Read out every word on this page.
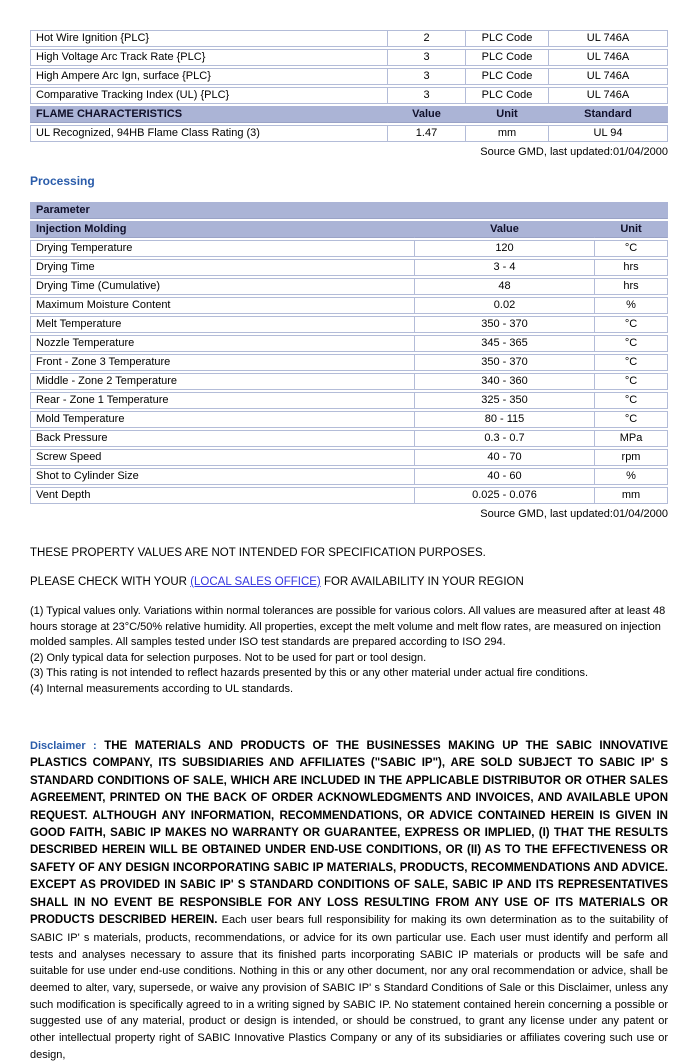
Hot Wire Ignition {PLC}	2	PLC Code	UL 746A
High Voltage Arc Track Rate {PLC}	3	PLC Code	UL 746A
High Ampere Arc Ign, surface {PLC}	3	PLC Code	UL 746A
Comparative Tracking Index (UL) {PLC}	3	PLC Code	UL 746A
FLAME CHARACTERISTICS	Value	Unit	Standard
UL Recognized, 94HB Flame Class Rating (3)	1.47	mm	UL 94
Source GMD, last updated:01/04/2000
Processing
Parameter		
Injection Molding	Value	Unit
Drying Temperature	120	°C
Drying Time	3 - 4	hrs
Drying Time (Cumulative)	48	hrs
Maximum Moisture Content	0.02	%
Melt Temperature	350 - 370	°C
Nozzle Temperature	345 - 365	°C
Front - Zone 3 Temperature	350 - 370	°C
Middle - Zone 2 Temperature	340 - 360	°C
Rear - Zone 1 Temperature	325 - 350	°C
Mold Temperature	80 - 115	°C
Back Pressure	0.3 - 0.7	MPa
Screw Speed	40 - 70	rpm
Shot to Cylinder Size	40 - 60	%
Vent Depth	0.025 - 0.076	mm
Source GMD, last updated:01/04/2000

THESE PROPERTY VALUES ARE NOT INTENDED FOR SPECIFICATION PURPOSES.

PLEASE CHECK WITH YOUR (LOCAL SALES OFFICE) FOR AVAILABILITY IN YOUR REGION

(1) Typical values only. Variations within normal tolerances are possible for various colors. All values are measured after at least 48 hours storage at 23°C/50% relative humidity. All properties, except the melt volume and melt flow rates, are measured on injection molded samples. All samples tested under ISO test standards are prepared according to ISO 294.

(2) Only typical data for selection purposes. Not to be used for part or tool design.

(3) This rating is not intended to reflect hazards presented by this or any other material under actual fire conditions.

(4) Internal measurements according to UL standards.

Disclaimer : THE MATERIALS AND PRODUCTS OF THE BUSINESSES MAKING UP THE SABIC INNOVATIVE PLASTICS COMPANY, ITS SUBSIDIARIES AND AFFILIATES ("SABIC IP"), ARE SOLD SUBJECT TO SABIC IP' S STANDARD CONDITIONS OF SALE, WHICH ARE INCLUDED IN THE APPLICABLE DISTRIBUTOR OR OTHER SALES AGREEMENT, PRINTED ON THE BACK OF ORDER ACKNOWLEDGMENTS AND INVOICES, AND AVAILABLE UPON REQUEST. ALTHOUGH ANY INFORMATION, RECOMMENDATIONS, OR ADVICE CONTAINED HEREIN IS GIVEN IN GOOD FAITH, SABIC IP MAKES NO WARRANTY OR GUARANTEE, EXPRESS OR IMPLIED, (I) THAT THE RESULTS DESCRIBED HEREIN WILL BE OBTAINED UNDER END-USE CONDITIONS, OR (II) AS TO THE EFFECTIVENESS OR SAFETY OF ANY DESIGN INCORPORATING SABIC IP MATERIALS, PRODUCTS, RECOMMENDATIONS AND ADVICE. EXCEPT AS PROVIDED IN SABIC IP' S STANDARD CONDITIONS OF SALE, SABIC IP AND ITS REPRESENTATIVES SHALL IN NO EVENT BE RESPONSIBLE FOR ANY LOSS RESULTING FROM ANY USE OF ITS MATERIALS OR PRODUCTS DESCRIBED HEREIN. Each user bears full responsibility for making its own determination as to the suitability of SABIC IP' s materials, products, recommendations, or advice for its own particular use. Each user must identify and perform all tests and analyses necessary to assure that its finished parts incorporating SABIC IP materials or products will be safe and suitable for use under end-use conditions. Nothing in this or any other document, nor any oral recommendation or advice, shall be deemed to alter, vary, supersede, or waive any provision of SABIC IP' s Standard Conditions of Sale or this Disclaimer, unless any such modification is specifically agreed to in a writing signed by SABIC IP. No statement contained herein concerning a possible or suggested use of any material, product or design is intended, or should be construed, to grant any license under any patent or other intellectual property right of SABIC Innovative Plastics Company or any of its subsidiaries or affiliates covering such use or design,
